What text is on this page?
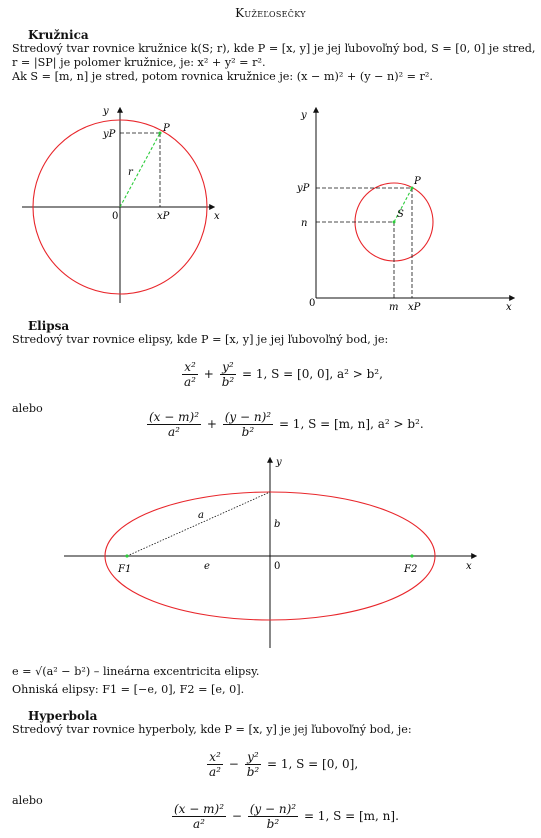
Kužeľosečky
Kružnica
Stredový tvar rovnice kružnice k(S; r), kde P = [x, y] je jej ľubovoľný bod, S = [0, 0] je stred,
r = |SP| je polomer kružnice, je: x² + y² = r².
Ak S = [m, n] je stred, potom rovnica kružnice je: (x − m)² + (y − n)² = r².
y
x
0
P
yP
xP
r
y
x
0
P
S
yP
n
m xP
y
x
0
a
b
e
F1	F2
Elipsa
Stredový tvar rovnice elipsy, kde P = [x, y] je jej ľubovoľný bod, je:
$\frac{\text{x²}}{\text{a²}} + \frac{\text{y²}}{\text{b²}} = 1$, S = [0, 0], a² > b²,
alebo
$\frac{\text{(x − m)²}}{\text{a²}} + \frac{\text{(y − n)²}}{\text{b²}} = 1$, S = [m, n], a² > b².
e = √(a² − b²) – lineárna excentricita elipsy.
Ohniská elipsy: F1 = [−e, 0], F2 = [e, 0].
Hyperbola
Stredový tvar rovnice hyperboly, kde P = [x, y] je jej ľubovoľný bod, je:
$\frac{\text{x²}}{\text{a²}} - \frac{\text{y²}}{\text{b²}} = 1$, S = [0, 0],
alebo
$\frac{\text{(x − m)²}}{\text{a²}} - \frac{\text{(y − n)²}}{\text{b²}} = 1$, S = [m, n].
